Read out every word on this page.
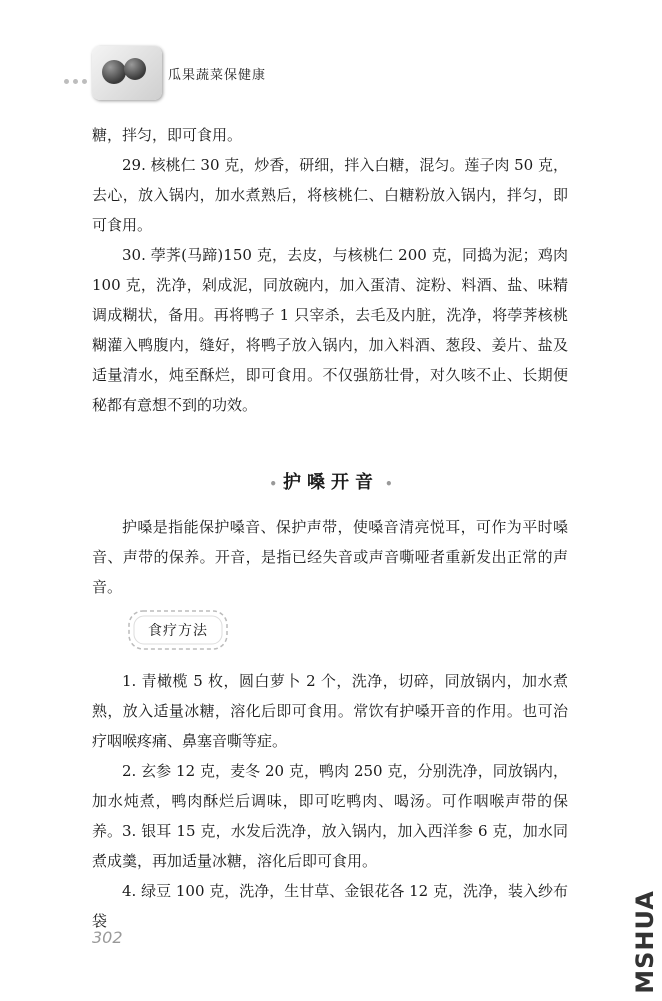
瓜果蔬菜保健康

糖，拌匀，即可食用。

29. 核桃仁 30 克，炒香，研细，拌入白糖，混匀。莲子肉 50 克，去心，放入锅内，加水煮熟后，将核桃仁、白糖粉放入锅内，拌匀，即可食用。

30. 荸荠(马蹄)150 克，去皮，与核桃仁 200 克，同捣为泥；鸡肉 100 克，洗净，剁成泥，同放碗内，加入蛋清、淀粉、料酒、盐、味精调成糊状，备用。再将鸭子 1 只宰杀，去毛及内脏，洗净，将荸荠核桃糊灌入鸭腹内，缝好，将鸭子放入锅内，加入料酒、葱段、姜片、盐及适量清水，炖至酥烂，即可食用。不仅强筋壮骨，对久咳不止、长期便秘都有意想不到的功效。

• 护嗓开音 •

护嗓是指能保护嗓音、保护声带，使嗓音清亮悦耳，可作为平时嗓音、声带的保养。开音，是指已经失音或声音嘶哑者重新发出正常的声音。

食疗方法

1. 青橄榄 5 枚，圆白萝卜 2 个，洗净，切碎，同放锅内，加水煮熟，放入适量冰糖，溶化后即可食用。常饮有护嗓开音的作用。也可治疗咽喉疼痛、鼻塞音嘶等症。

2. 玄参 12 克，麦冬 20 克，鸭肉 250 克，分别洗净，同放锅内，加水炖煮，鸭肉酥烂后调味，即可吃鸭肉、喝汤。可作咽喉声带的保养。 3. 银耳 15 克，水发后洗净，放入锅内，加入西洋参 6 克，加水同煮成羹，再加适量冰糖，溶化后即可食用。

4. 绿豆 100 克，洗净，生甘草、金银花各 12 克，洗净，装入纱布袋

302	MSHUA
